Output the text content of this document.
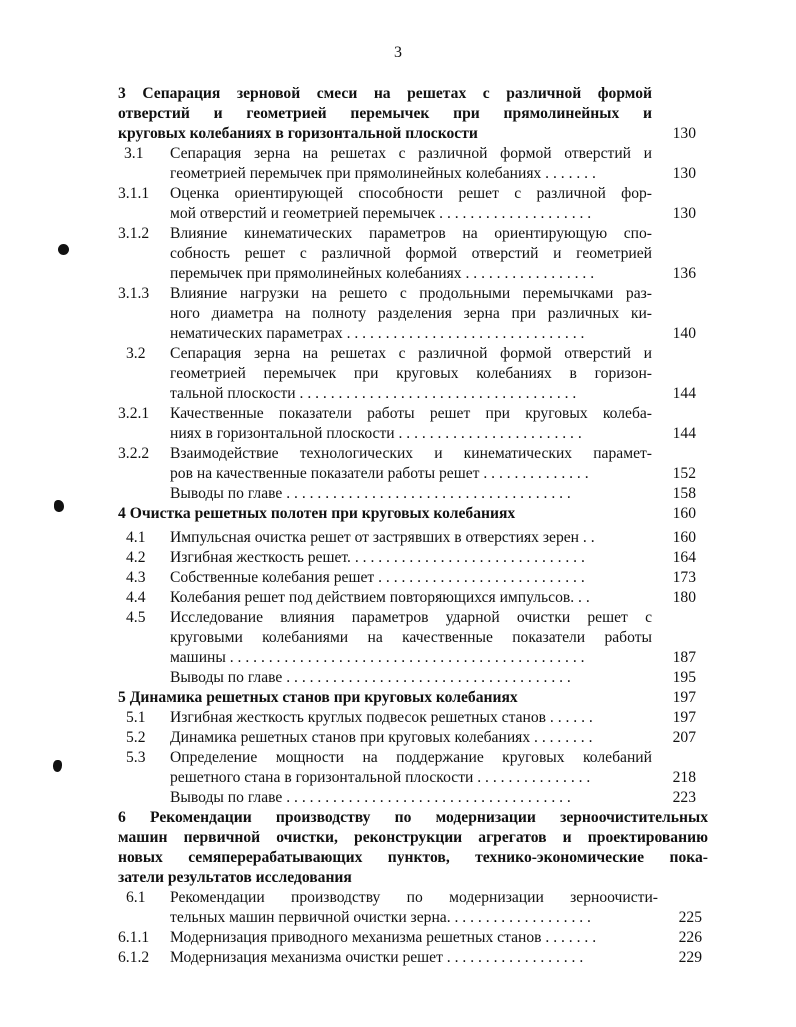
3
3 Сепарация зерновой смеси на решетах с различной формой
отверстий и геометрией перемычек при прямолинейных и
круговых колебаниях в горизонтальной плоскости	130
3.1 Сепарация зерна на решетах с различной формой отверстий и
геометрией перемычек при прямолинейных колебаниях . . . . . . .	130
3.1.1 Оценка ориентирующей способности решет с различной фор-
мой отверстий и геометрией перемычек . . . . . . . . . . . . . . . . . . . .	130
3.1.2 Влияние кинематических параметров на ориентирующую спо-
собность решет с различной формой отверстий и геометрией
перемычек при прямолинейных колебаниях . . . . . . . . . . . . . . . . .	136
3.1.3 Влияние нагрузки на решето с продольными перемычками раз-
ного диаметра на полноту разделения зерна при различных ки-
нематических параметрах . . . . . . . . . . . . . . . . . . . . . . . . . . . . . . .	140
3.2 Сепарация зерна на решетах с различной формой отверстий и
геометрией перемычек при круговых колебаниях в горизон-
тальной плоскости . . . . . . . . . . . . . . . . . . . . . . . . . . . . . . . . . . . .	144
3.2.1 Качественные показатели работы решет при круговых колеба-
ниях в горизонтальной плоскости . . . . . . . . . . . . . . . . . . . . . . . .	144
3.2.2 Взаимодействие технологических и кинематических парамет-
ров на качественные показатели работы решет . . . . . . . . . . . . . .	152
Выводы по главе . . . . . . . . . . . . . . . . . . . . . . . . . . . . . . . . . . . . .	158
4 Очистка решетных полотен при круговых колебаниях	160
4.1 Импульсная очистка решет от застрявших в отверстиях зерен . .	160
4.2 Изгибная жесткость решет. . . . . . . . . . . . . . . . . . . . . . . . . . . . . . .	164
4.3 Собственные колебания решет . . . . . . . . . . . . . . . . . . . . . . . . . . .	173
4.4 Колебания решет под действием повторяющихся импульсов. . .	180
4.5 Исследование влияния параметров ударной очистки решет с
круговыми колебаниями на качественные показатели работы
машины . . . . . . . . . . . . . . . . . . . . . . . . . . . . . . . . . . . . . . . . . . . . . .	187
Выводы по главе . . . . . . . . . . . . . . . . . . . . . . . . . . . . . . . . . . . . .	195
5 Динамика решетных станов при круговых колебаниях	197
5.1 Изгибная жесткость круглых подвесок решетных станов . . . . . .	197
5.2 Динамика решетных станов при круговых колебаниях . . . . . . . .	207
5.3 Определение мощности на поддержание круговых колебаний
решетного стана в горизонтальной плоскости . . . . . . . . . . . . . . .	218
Выводы по главе . . . . . . . . . . . . . . . . . . . . . . . . . . . . . . . . . . . . .	223
6 Рекомендации производству по модернизации зерноочистительных
машин первичной очистки, реконструкции агрегатов и проектированию
новых семяперерабатывающих пунктов, технико-экономические пока-
затели результатов исследования
6.1 Рекомендации производству по модернизации зерноочисти-
тельных машин первичной очистки зерна. . . . . . . . . . . . . . . . . . .	225
6.1.1 Модернизация приводного механизма решетных станов . . . . . . .	226
6.1.2 Модернизация механизма очистки решет . . . . . . . . . . . . . . . . . .	229
